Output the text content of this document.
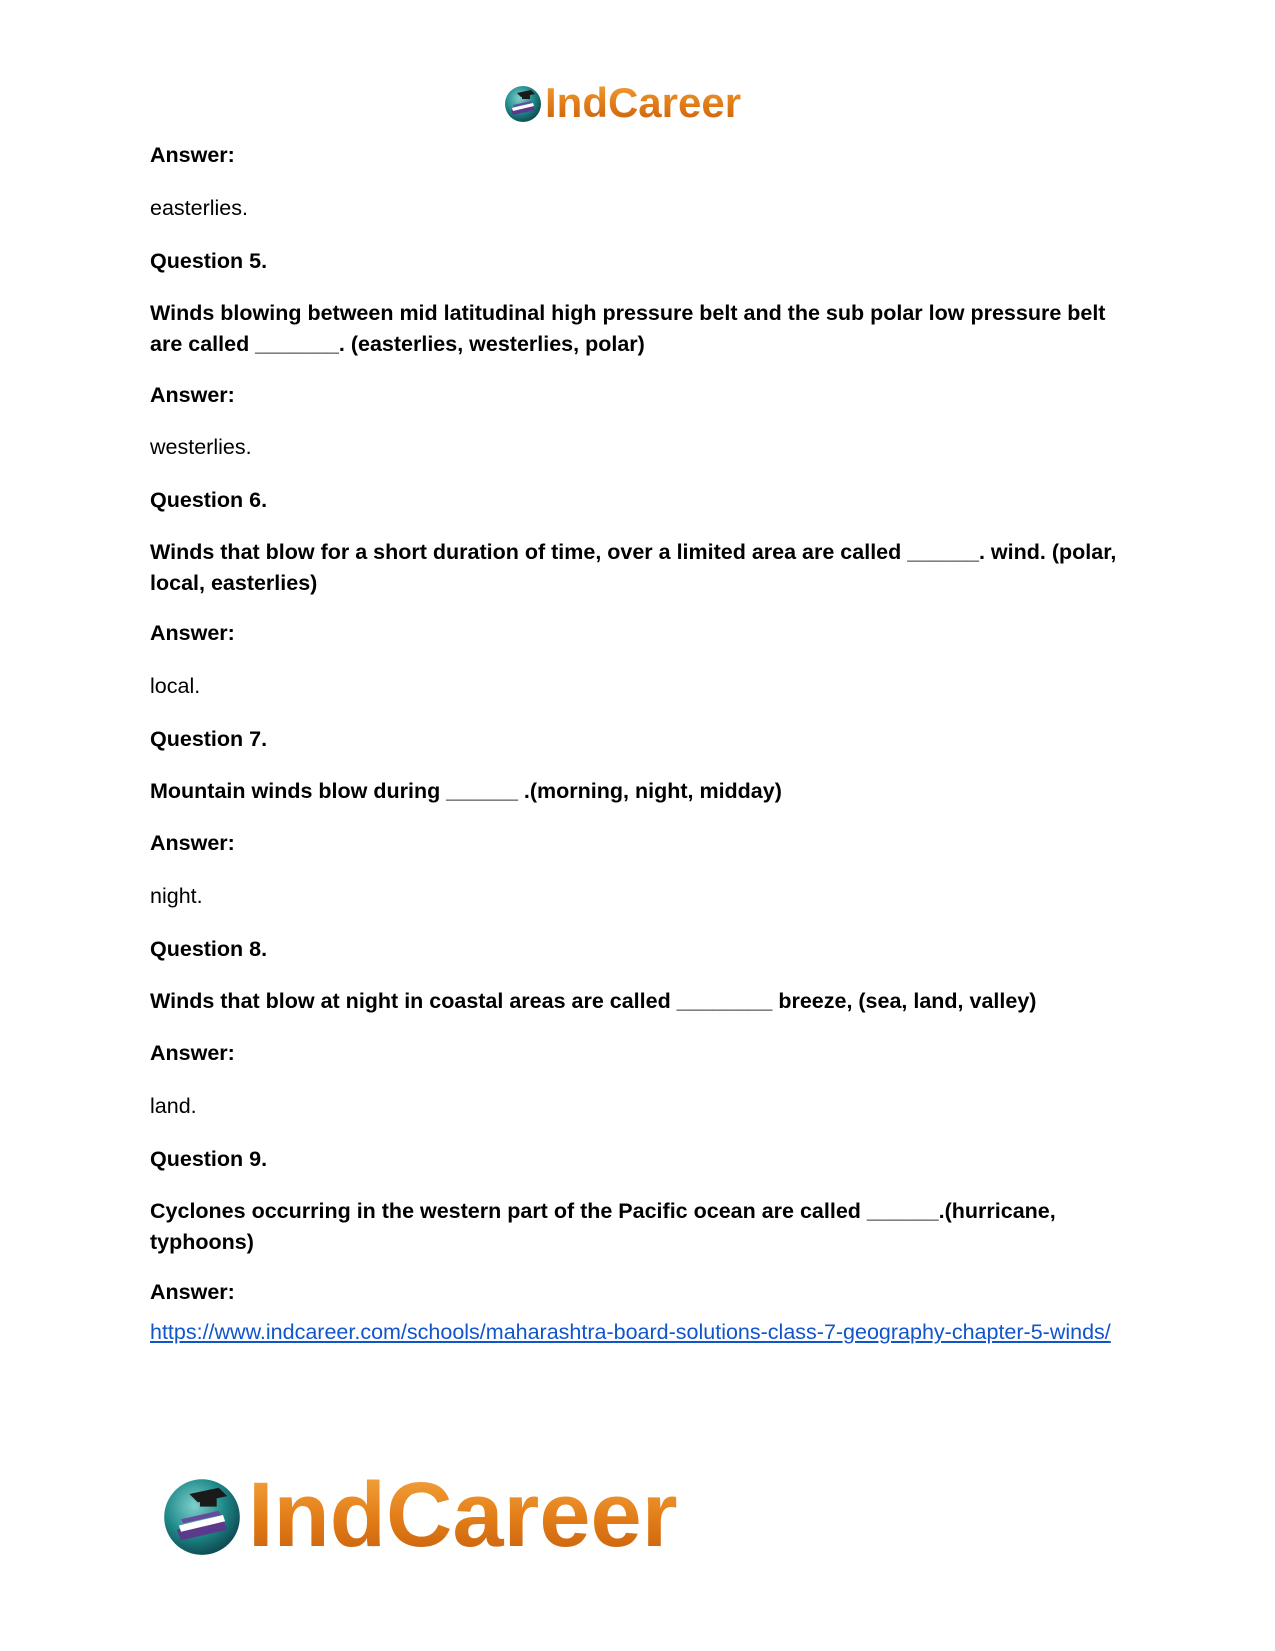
IndCareer
Answer:
easterlies.
Question 5.
Winds blowing between mid latitudinal high pressure belt and the sub polar low pressure belt are called _______. (easterlies, westerlies, polar)
Answer:
westerlies.
Question 6.
Winds that blow for a short duration of time, over a limited area are called ______. wind. (polar, local, easterlies)
Answer:
local.
Question 7.
Mountain winds blow during ______ .(morning, night, midday)
Answer:
night.
Question 8.
Winds that blow at night in coastal areas are called ________ breeze, (sea, land, valley)
Answer:
land.
Question 9.
Cyclones occurring in the western part of the Pacific ocean are called ______.(hurricane, typhoons)
Answer:
https://www.indcareer.com/schools/maharashtra-board-solutions-class-7-geography-chapter-5-winds/
IndCareer
